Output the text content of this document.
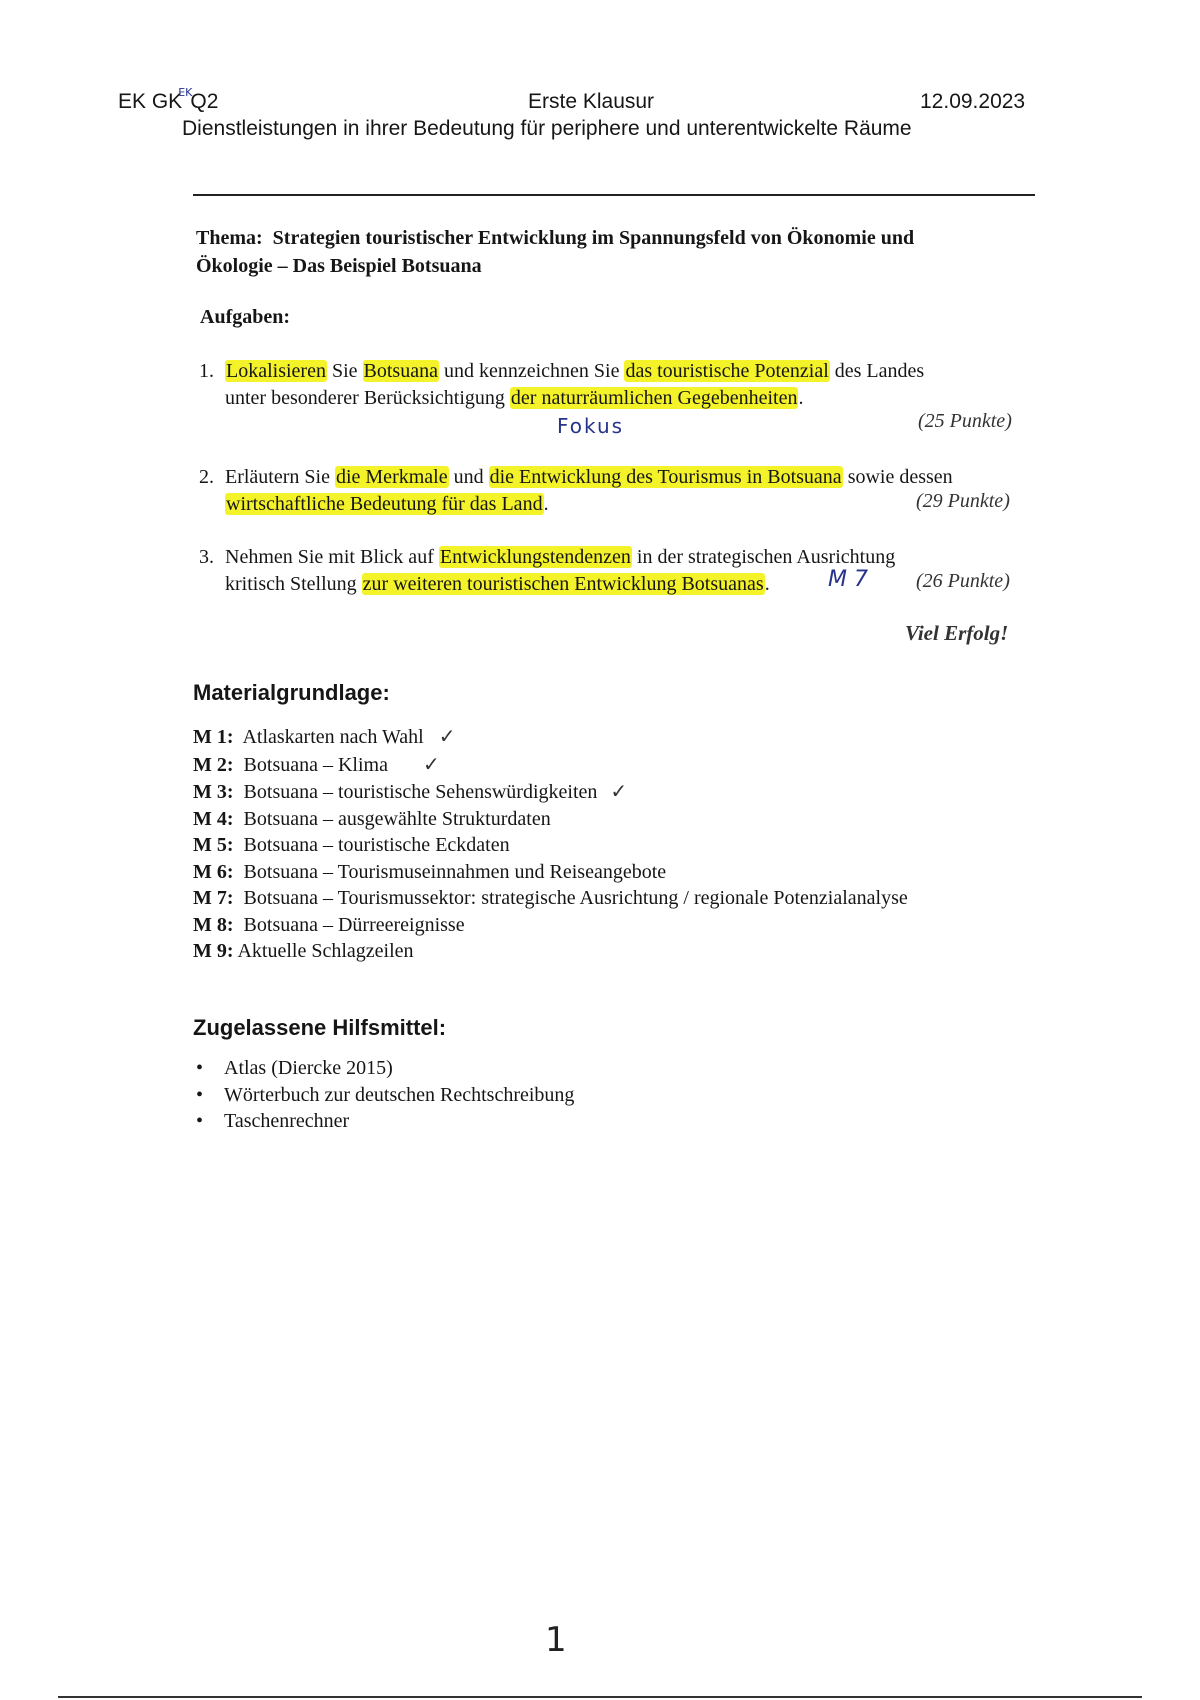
EK $GK^{EK}Q2$	Erste Klausur	12.09.2023
Dienstleistungen in ihrer Bedeutung für periphere und unterentwickelte Räume
Thema: Strategien touristischer Entwicklung im Spannungsfeld von Ökonomie und
Ökologie – Das Beispiel Botsuana
Aufgaben:
1. Lokalisieren Sie Botsuana und kennzeichnen Sie das touristische Potenzial des Landes
unter besonderer Berücksichtigung der naturräumlichen Gegebenheiten.
Fokus	(25 Punkte)
2. Erläutern Sie die Merkmale und die Entwicklung des Tourismus in Botsuana sowie dessen
wirtschaftliche Bedeutung für das Land.	(29 Punkte)
3. Nehmen Sie mit Blick auf Entwicklungstendenzen in der strategischen Ausrichtung
kritisch Stellung zur weiteren touristischen Entwicklung Botsuanas.	M 7 (26 Punkte)
Viel Erfolg!
Materialgrundlage:
M 1: Atlaskarten nach Wahl ✓
M 2: Botsuana – Klima ✓
M 3: Botsuana – touristische Sehenswürdigkeiten ✓
M 4: Botsuana – ausgewählte Strukturdaten
M 5: Botsuana – touristische Eckdaten
M 6: Botsuana – Tourismuseinnahmen und Reiseangebote
M 7: Botsuana – Tourismussektor: strategische Ausrichtung / regionale Potenzialanalyse
M 8: Botsuana – Dürreereignisse
M 9: Aktuelle Schlagzeilen
Zugelassene Hilfsmittel:
• Atlas (Diercke 2015)
• Wörterbuch zur deutschen Rechtschreibung
• Taschenrechner
1
